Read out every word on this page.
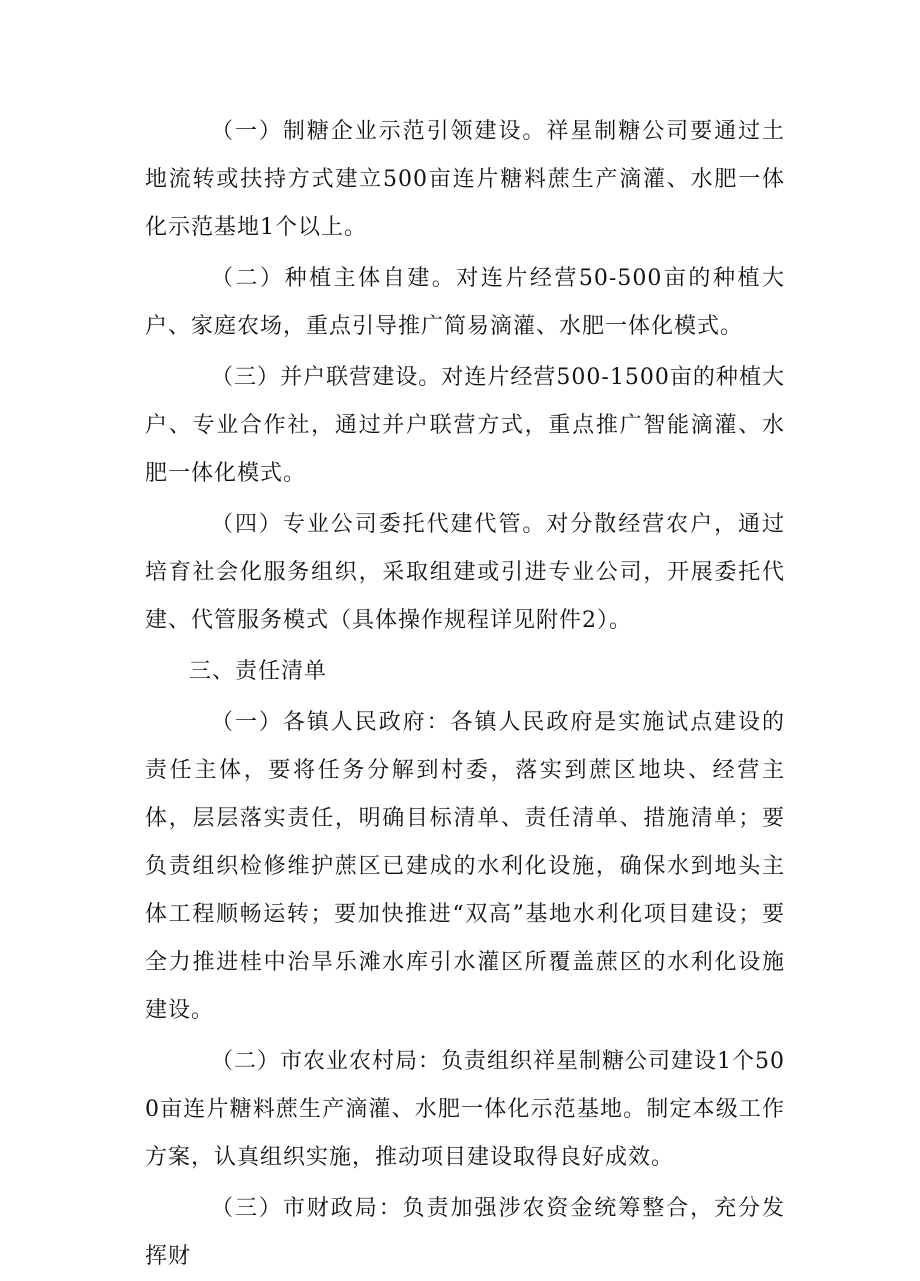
（一）制糖企业示范引领建设。祥星制糖公司要通过土地流转或扶持方式建立500亩连片糖料蔗生产滴灌、水肥一体化示范基地1个以上。

（二）种植主体自建。对连片经营50-500亩的种植大户、家庭农场，重点引导推广简易滴灌、水肥一体化模式。

（三）并户联营建设。对连片经营500-1500亩的种植大户、专业合作社，通过并户联营方式，重点推广智能滴灌、水肥一体化模式。

（四）专业公司委托代建代管。对分散经营农户，通过培育社会化服务组织，采取组建或引进专业公司，开展委托代建、代管服务模式（具体操作规程详见附件2）。

三、责任清单

（一）各镇人民政府：各镇人民政府是实施试点建设的责任主体，要将任务分解到村委，落实到蔗区地块、经营主体，层层落实责任，明确目标清单、责任清单、措施清单；要负责组织检修维护蔗区已建成的水利化设施，确保水到地头主体工程顺畅运转；要加快推进“双高”基地水利化项目建设；要全力推进桂中治旱乐滩水库引水灌区所覆盖蔗区的水利化设施建设。

（二）市农业农村局：负责组织祥星制糖公司建设1个500亩连片糖料蔗生产滴灌、水肥一体化示范基地。制定本级工作方案，认真组织实施，推动项目建设取得良好成效。

（三）市财政局：负责加强涉农资金统筹整合，充分发挥财
